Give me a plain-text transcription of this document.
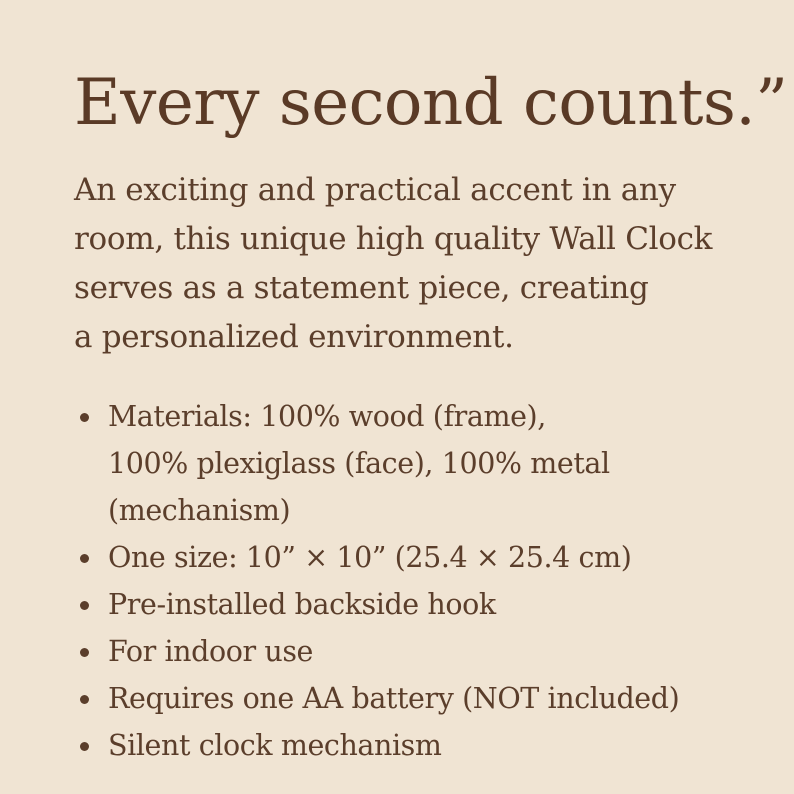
Every second counts.”

An exciting and practical accent in any
room, this unique high quality Wall Clock
serves as a statement piece, creating
a personalized environment.

Materials: 100% wood (frame),
100% plexiglass (face), 100% metal
(mechanism)
One size: 10” × 10” (25.4 × 25.4 cm)
Pre-installed backside hook
For indoor use
Requires one AA battery (NOT included)
Silent clock mechanism
